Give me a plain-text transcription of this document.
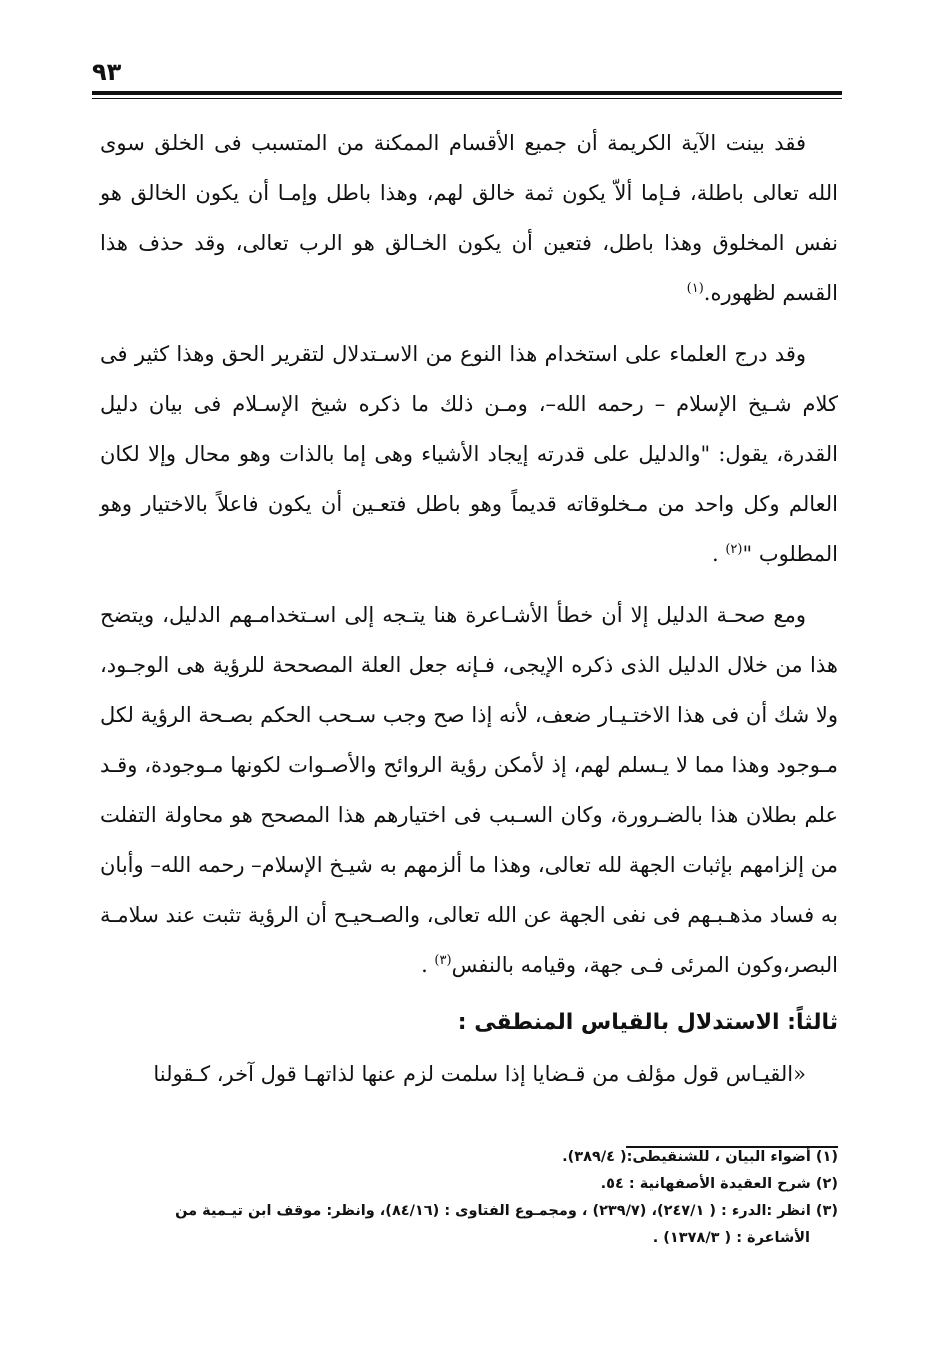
٩٣

فقد بينت الآية الكريمة أن جميع الأقسام الممكنة من المتسبب فى الخلق سوى الله تعالى باطلة، فـإما ألاّ يكون ثمة خالق لهم، وهذا باطل وإمـا أن يكون الخالق هو نفس المخلوق وهذا باطل، فتعين أن يكون الخـالق هو الرب تعالى، وقد حذف هذا القسم لظهوره.$^{(١)}$

وقد درج العلماء على استخدام هذا النوع من الاسـتدلال لتقرير الحق وهذا كثير فى كلام شـيخ الإسلام – رحمه الله–، ومـن ذلك ما ذكره شيخ الإسـلام فى بيان دليل القدرة، يقول: "والدليل على قدرته إيجاد الأشياء وهى إما بالذات وهو محال وإلا لكان العالم وكل واحد من مـخلوقاته قديماً وهو باطل فتعـين أن يكون فاعلاً بالاختيار وهو المطلوب "$^{(٢)}$ .

ومع صحـة الدليل إلا أن خطأ الأشـاعرة هنا يتـجه إلى اسـتخدامـهم الدليل، ويتضح هذا من خلال الدليل الذى ذكره الإيجى، فـإنه جعل العلة المصححة للرؤية هى الوجـود، ولا شك أن فى هذا الاختـيـار ضعف، لأنه إذا صح وجب سـحب الحكم بصـحة الرؤية لكل مـوجود وهذا مما لا يـسلم لهم، إذ لأمكن رؤية الروائح والأصـوات لكونها مـوجودة، وقـد علم بطلان هذا بالضـرورة، وكان السـبب فى اختيارهم هذا المصحح هو محاولة التفلت من إلزامهم بإثبات الجهة لله تعالى، وهذا ما ألزمهم به شيـخ الإسلام– رحمه الله– وأبان به فساد مذهـبـهم فى نفى الجهة عن الله تعالى، والصـحيـح أن الرؤية تثبت عند سلامـة البصر،وكون المرئى فـى جهة، وقيامه بالنفس$^{(٣)}$ .

ثالثاً: الاستدلال بالقياس المنطقى :

«القيـاس قول مؤلف من قـضايا إذا سلمت لزم عنها لذاتهـا قول آخر، كـقولنا

(١) أضواء البيان ، للشنقيطى:( ٣٨٩/٤).

(٢) شرح العقيدة الأصفهانية : ٥٤.

(٣) انظر :الدرء : ( ٢٤٧/١)، (٢٣٩/٧) ، ومجمـوع الفتاوى : (٨٤/١٦)، وانظر: موقف ابن تيـمية من

الأشاعرة : ( ١٣٧٨/٣) .
